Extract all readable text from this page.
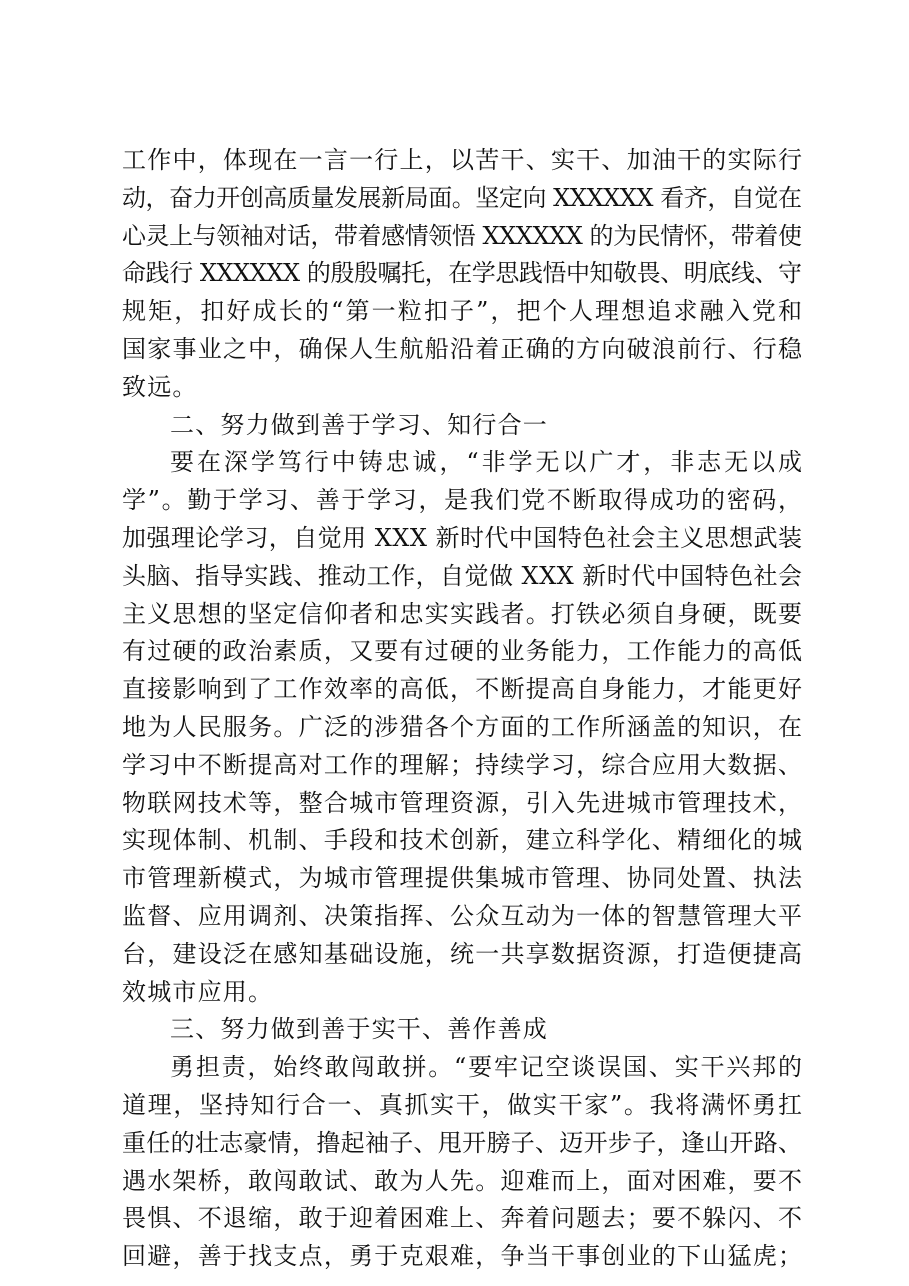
工作中，体现在一言一行上，以苦干、实干、加油干的实际行
动，奋力开创高质量发展新局面。坚定向 XXXXXX 看齐，自觉在
心灵上与领袖对话，带着感情领悟 XXXXXX 的为民情怀，带着使
命践行 XXXXXX 的殷殷嘱托，在学思践悟中知敬畏、明底线、守
规矩，扣好成长的“第一粒扣子”，把个人理想追求融入党和
国家事业之中，确保人生航船沿着正确的方向破浪前行、行稳
致远。
二、努力做到善于学习、知行合一
要在深学笃行中铸忠诚，“非学无以广才，非志无以成
学”。勤于学习、善于学习，是我们党不断取得成功的密码，
加强理论学习，自觉用 XXX 新时代中国特色社会主义思想武装
头脑、指导实践、推动工作，自觉做 XXX 新时代中国特色社会
主义思想的坚定信仰者和忠实实践者。打铁必须自身硬，既要
有过硬的政治素质，又要有过硬的业务能力，工作能力的高低
直接影响到了工作效率的高低，不断提高自身能力，才能更好
地为人民服务。广泛的涉猎各个方面的工作所涵盖的知识，在
学习中不断提高对工作的理解；持续学习，综合应用大数据、
物联网技术等，整合城市管理资源，引入先进城市管理技术，
实现体制、机制、手段和技术创新，建立科学化、精细化的城
市管理新模式，为城市管理提供集城市管理、协同处置、执法
监督、应用调剂、决策指挥、公众互动为一体的智慧管理大平
台，建设泛在感知基础设施，统一共享数据资源，打造便捷高
效城市应用。
三、努力做到善于实干、善作善成
勇担责，始终敢闯敢拼。“要牢记空谈误国、实干兴邦的
道理，坚持知行合一、真抓实干，做实干家”。我将满怀勇扛
重任的壮志豪情，撸起袖子、甩开膀子、迈开步子，逢山开路、
遇水架桥，敢闯敢试、敢为人先。迎难而上，面对困难，要不
畏惧、不退缩，敢于迎着困难上、奔着问题去；要不躲闪、不
回避，善于找支点，勇于克艰难，争当干事创业的下山猛虎；
